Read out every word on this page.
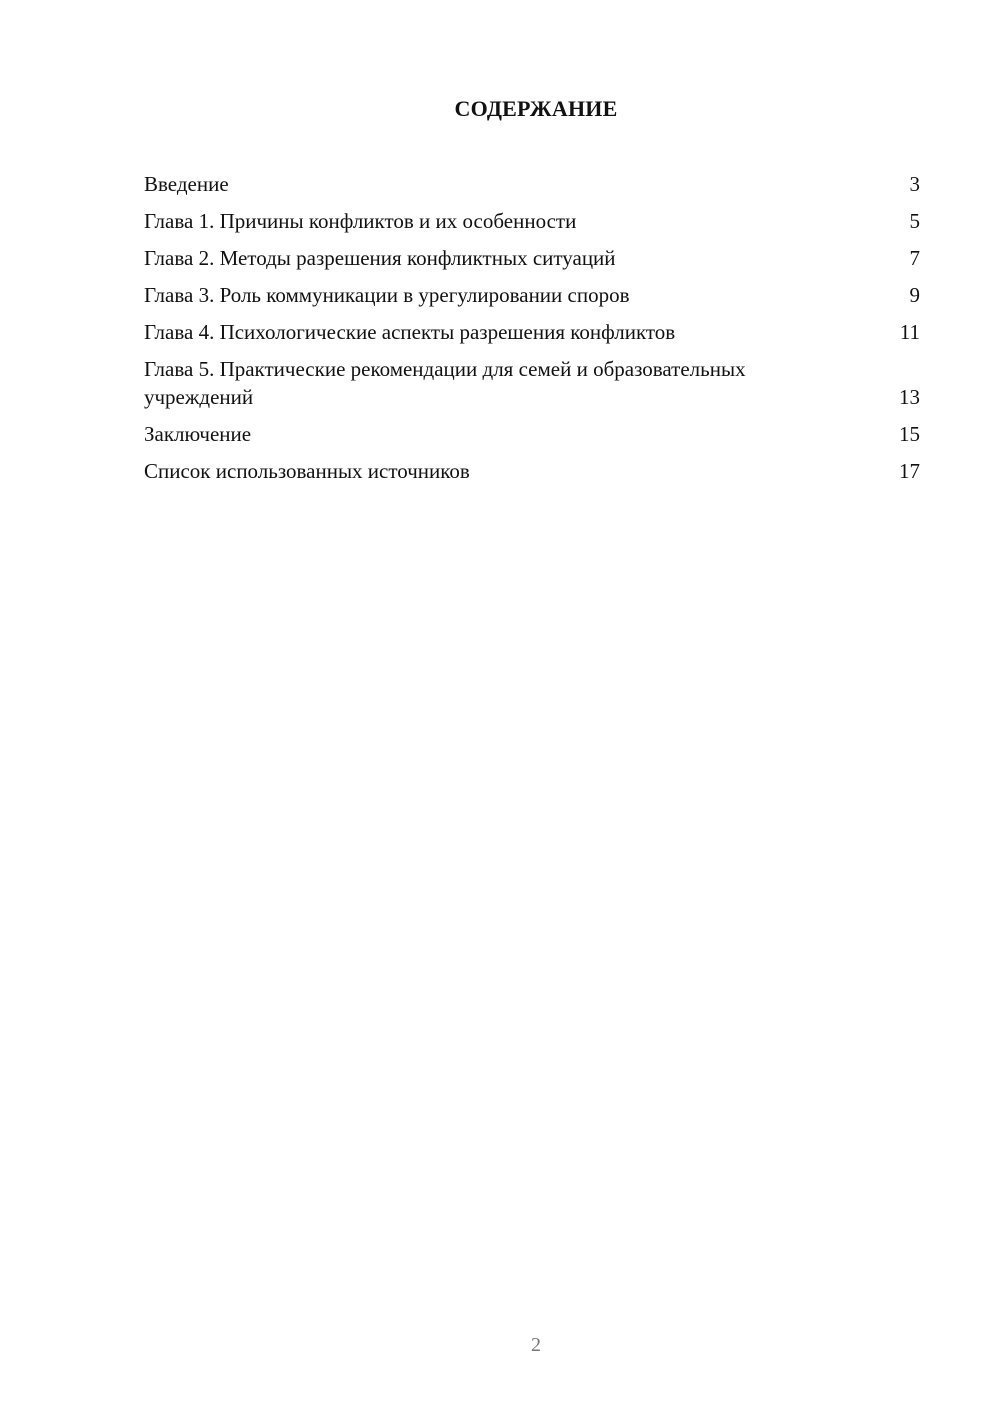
СОДЕРЖАНИЕ
Введение	3
Глава 1. Причины конфликтов и их особенности	5
Глава 2. Методы разрешения конфликтных ситуаций	7
Глава 3. Роль коммуникации в урегулировании споров	9
Глава 4. Психологические аспекты разрешения конфликтов	11
Глава 5. Практические рекомендации для семей и образовательных учреждений	13
Заключение	15
Список использованных источников	17
2
